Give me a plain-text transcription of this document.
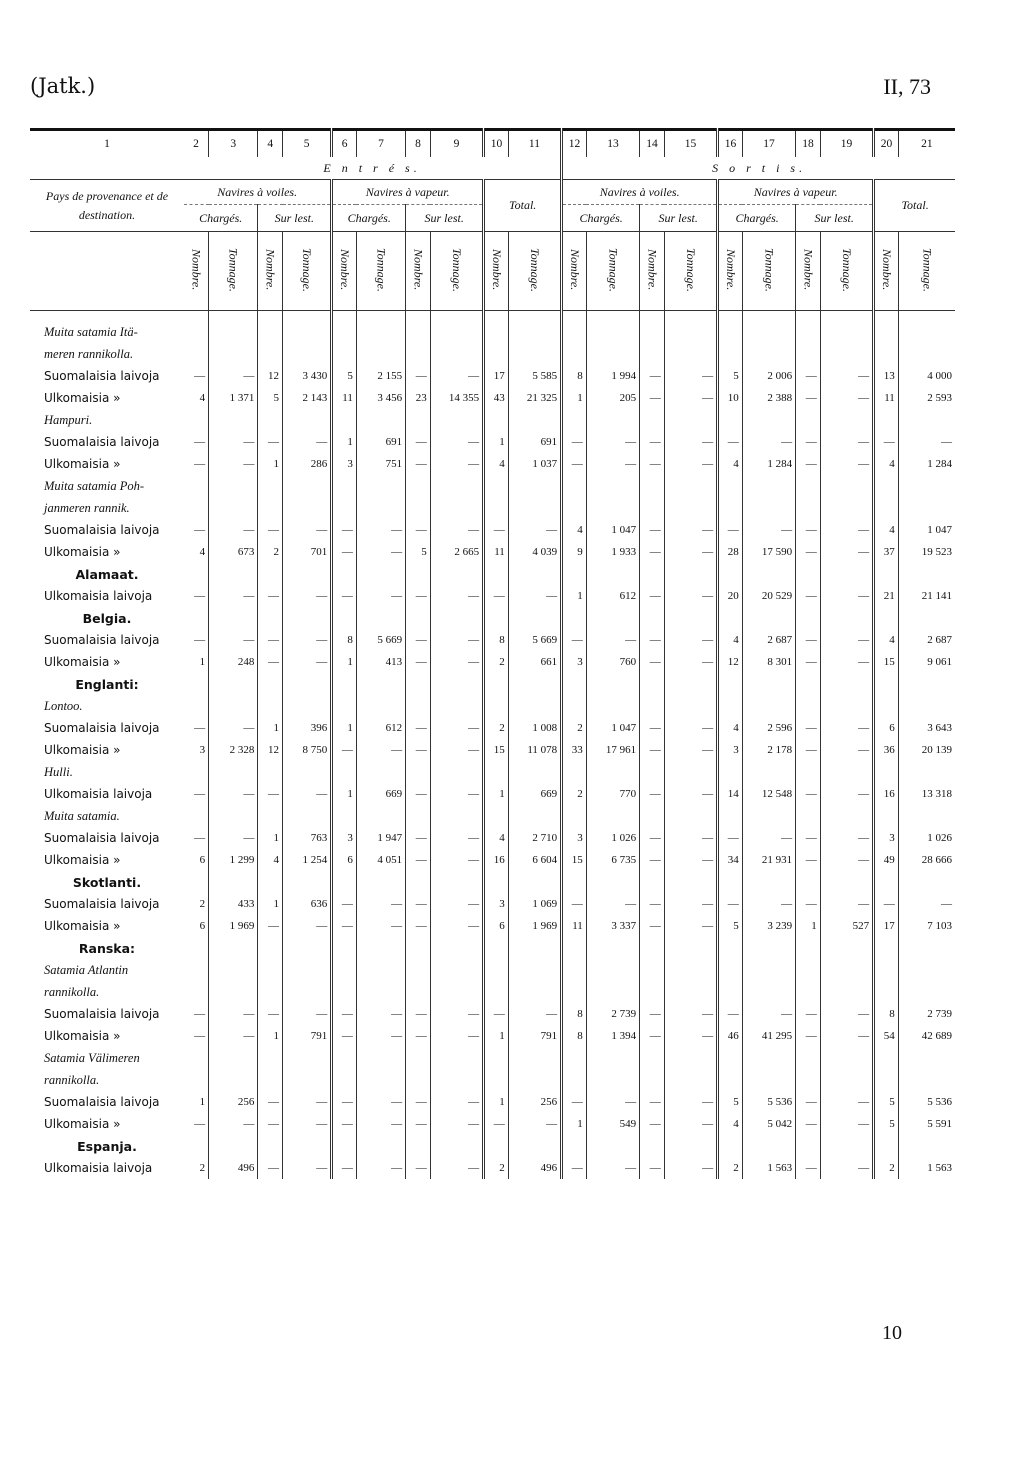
(Jatk.)	II, 73
1	2	3	4	5	6	7	8	9	10	11	12	13	14	15	16	17	18	19	20	21
	E n t r é s.										S o r t i s.									
Pays de provenance et de destination.	Navires à voiles.				Navires à vapeur.				Total.		Navires à voiles.				Navires à vapeur.				Total.	
	Chargés.		Sur lest.		Chargés.		Sur lest.				Chargés.		Sur lest.		Chargés.		Sur lest.			
	Nombre.	Tonnage.	Nombre.	Tonnage.	Nombre.	Tonnage.	Nombre.	Tonnage.	Nombre.	Tonnage.	Nombre.	Tonnage.	Nombre.	Tonnage.	Nombre.	Tonnage.	Nombre.	Tonnage.	Nombre.	Tonnage.

Muita satamia Itä-																				
meren rannikolla.																				
Suomalaisia laivoja	—	—	12	3 430	5	2 155	—	—	17	5 585	8	1 994	—	—	5	2 006	—	—	13	4 000
Ulkomaisia »	4	1 371	5	2 143	11	3 456	23	14 355	43	21 325	1	205	—	—	10	2 388	—	—	11	2 593
Hampuri.																				
Suomalaisia laivoja	—	—	—	—	1	691	—	—	1	691	—	—	—	—	—	—	—	—	—	—
Ulkomaisia »	—	—	1	286	3	751	—	—	4	1 037	—	—	—	—	4	1 284	—	—	4	1 284
Muita satamia Poh-																				
janmeren rannik.																				
Suomalaisia laivoja	—	—	—	—	—	—	—	—	—	—	4	1 047	—	—	—	—	—	—	4	1 047
Ulkomaisia »	4	673	2	701	—	—	5	2 665	11	4 039	9	1 933	—	—	28	17 590	—	—	37	19 523
Alamaat.																				
Ulkomaisia laivoja	—	—	—	—	—	—	—	—	—	—	1	612	—	—	20	20 529	—	—	21	21 141
Belgia.																				
Suomalaisia laivoja	—	—	—	—	8	5 669	—	—	8	5 669	—	—	—	—	4	2 687	—	—	4	2 687
Ulkomaisia »	1	248	—	—	1	413	—	—	2	661	3	760	—	—	12	8 301	—	—	15	9 061
Englanti:																				
Lontoo.																				
Suomalaisia laivoja	—	—	1	396	1	612	—	—	2	1 008	2	1 047	—	—	4	2 596	—	—	6	3 643
Ulkomaisia »	3	2 328	12	8 750	—	—	—	—	15	11 078	33	17 961	—	—	3	2 178	—	—	36	20 139
Hulli.																				
Ulkomaisia laivoja	—	—	—	—	1	669	—	—	1	669	2	770	—	—	14	12 548	—	—	16	13 318
Muita satamia.																				
Suomalaisia laivoja	—	—	1	763	3	1 947	—	—	4	2 710	3	1 026	—	—	—	—	—	—	3	1 026
Ulkomaisia »	6	1 299	4	1 254	6	4 051	—	—	16	6 604	15	6 735	—	—	34	21 931	—	—	49	28 666
Skotlanti.																				
Suomalaisia laivoja	2	433	1	636	—	—	—	—	3	1 069	—	—	—	—	—	—	—	—	—	—
Ulkomaisia »	6	1 969	—	—	—	—	—	—	6	1 969	11	3 337	—	—	5	3 239	1	527	17	7 103
Ranska:																				
Satamia Atlantin																				
rannikolla.																				
Suomalaisia laivoja	—	—	—	—	—	—	—	—	—	—	8	2 739	—	—	—	—	—	—	8	2 739
Ulkomaisia »	—	—	1	791	—	—	—	—	1	791	8	1 394	—	—	46	41 295	—	—	54	42 689
Satamia Välimeren																				
rannikolla.																				
Suomalaisia laivoja	1	256	—	—	—	—	—	—	1	256	—	—	—	—	5	5 536	—	—	5	5 536
Ulkomaisia »	—	—	—	—	—	—	—	—	—	—	1	549	—	—	4	5 042	—	—	5	5 591
Espanja.																				
Ulkomaisia laivoja	2	496	—	—	—	—	—	—	2	496	—	—	—	—	2	1 563	—	—	2	1 563
10
